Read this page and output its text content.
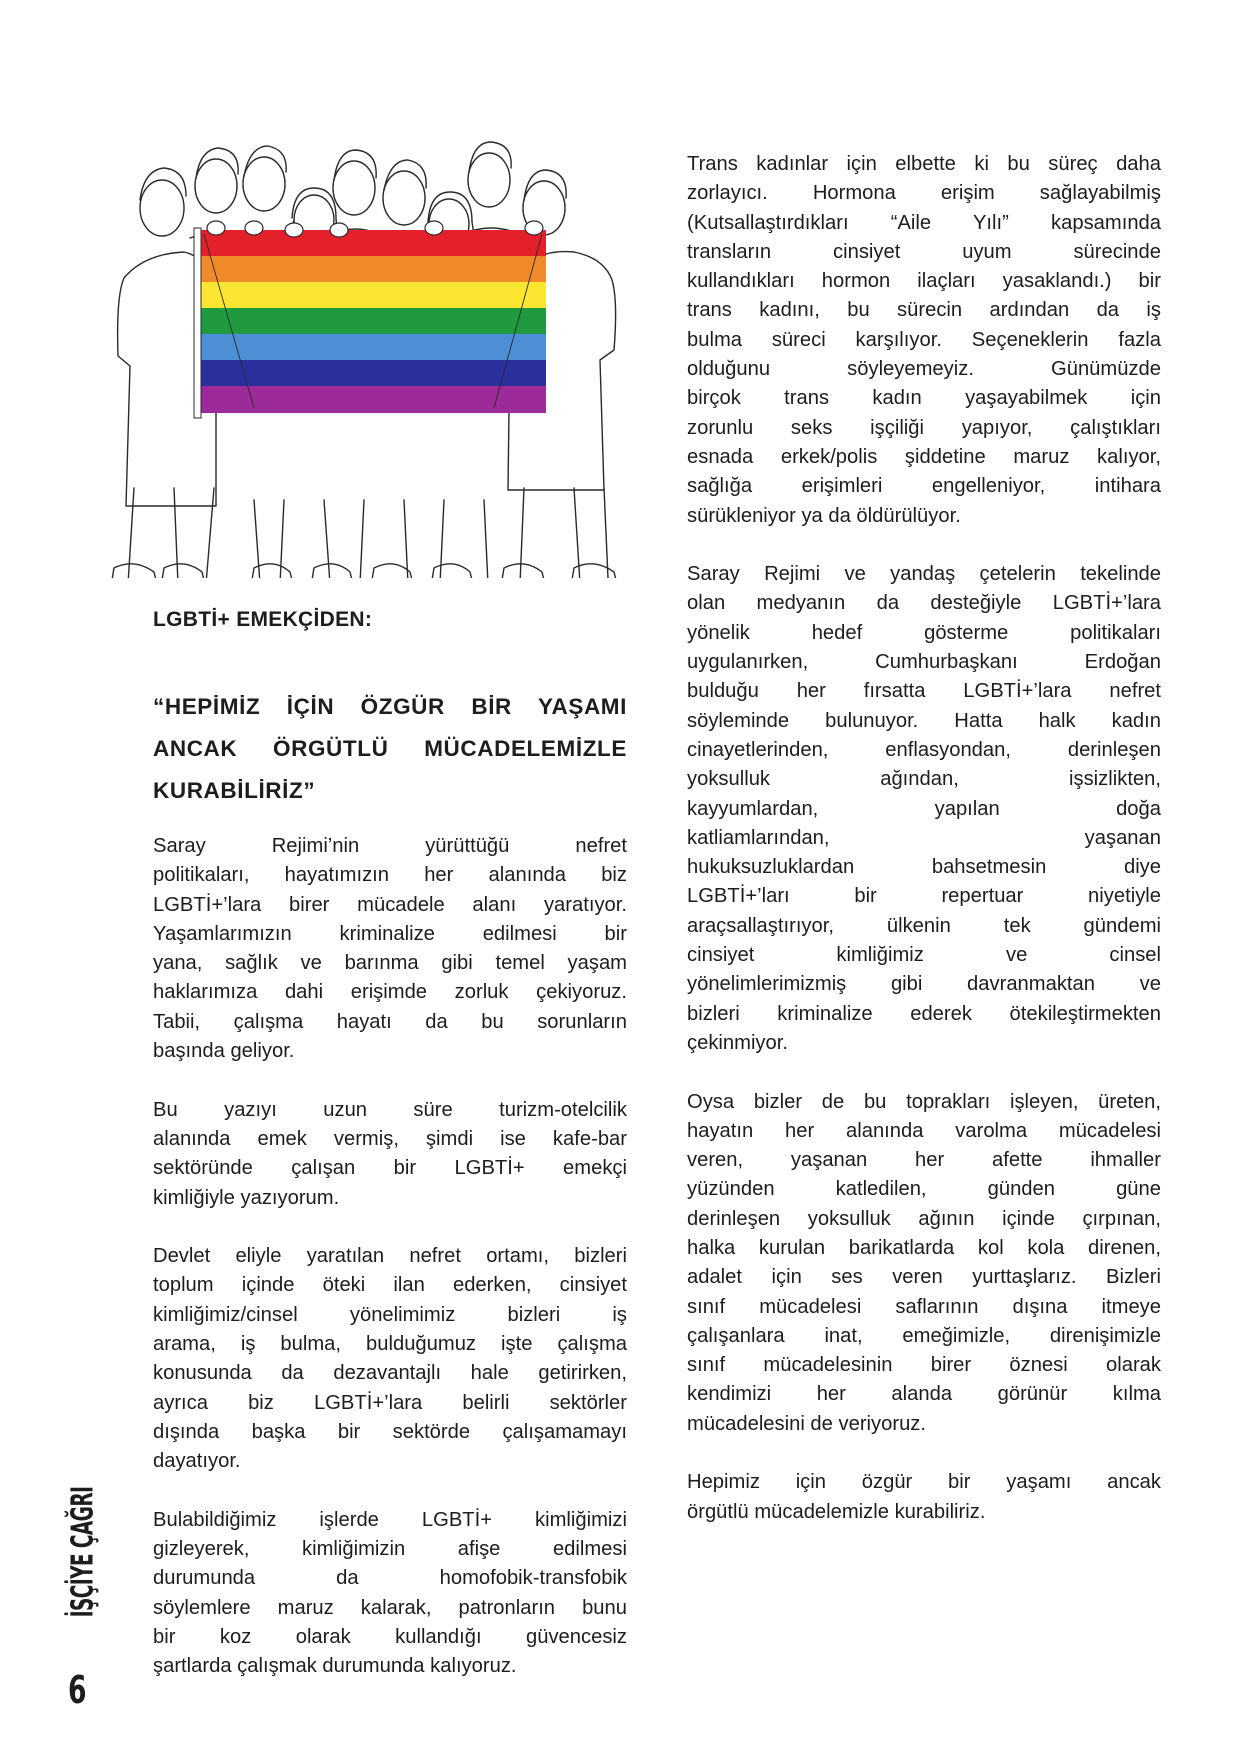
LGBTİ+ EMEKÇİDEN:
“HEPİMİZ İÇİN ÖZGÜR BİR YAŞAMI
ANCAK ÖRGÜTLÜ MÜCADELEMİZLE
KURABİLİRİZ”

Saray Rejimi’nin yürüttüğü nefret
politikaları, hayatımızın her alanında biz
LGBTİ+’lara birer mücadele alanı yaratıyor.
Yaşamlarımızın kriminalize edilmesi bir
yana, sağlık ve barınma gibi temel yaşam
haklarımıza dahi erişimde zorluk çekiyoruz.
Tabii, çalışma hayatı da bu sorunların
başında geliyor.

Bu yazıyı uzun süre turizm-otelcilik
alanında emek vermiş, şimdi ise kafe-bar
sektöründe çalışan bir LGBTİ+ emekçi
kimliğiyle yazıyorum.

Devlet eliyle yaratılan nefret ortamı, bizleri
toplum içinde öteki ilan ederken, cinsiyet
kimliğimiz/cinsel yönelimimiz bizleri iş
arama, iş bulma, bulduğumuz işte çalışma
konusunda da dezavantajlı hale getirirken,
ayrıca biz LGBTİ+’lara belirli sektörler
dışında başka bir sektörde çalışamamayı
dayatıyor.

Bulabildiğimiz işlerde LGBTİ+ kimliğimizi
gizleyerek, kimliğimizin afişe edilmesi
durumunda da homofobik-transfobik
söylemlere maruz kalarak, patronların bunu
bir koz olarak kullandığı güvencesiz
şartlarda çalışmak durumunda kalıyoruz.

Trans kadınlar için elbette ki bu süreç daha
zorlayıcı. Hormona erişim sağlayabilmiş
(Kutsallaştırdıkları “Aile Yılı” kapsamında
transların cinsiyet uyum sürecinde
kullandıkları hormon ilaçları yasaklandı.) bir
trans kadını, bu sürecin ardından da iş
bulma süreci karşılıyor. Seçeneklerin fazla
olduğunu söyleyemeyiz. Günümüzde
birçok trans kadın yaşayabilmek için
zorunlu seks işçiliği yapıyor, çalıştıkları
esnada erkek/polis şiddetine maruz kalıyor,
sağlığa erişimleri engelleniyor, intihara
sürükleniyor ya da öldürülüyor.

Saray Rejimi ve yandaş çetelerin tekelinde
olan medyanın da desteğiyle LGBTİ+’lara
yönelik hedef gösterme politikaları
uygulanırken, Cumhurbaşkanı Erdoğan
bulduğu her fırsatta LGBTİ+’lara nefret
söyleminde bulunuyor. Hatta halk kadın
cinayetlerinden, enflasyondan, derinleşen
yoksulluk ağından, işsizlikten,
kayyumlardan, yapılan doğa
katliamlarından, yaşanan
hukuksuzluklardan bahsetmesin diye
LGBTİ+’ları bir repertuar niyetiyle
araçsallaştırıyor, ülkenin tek gündemi
cinsiyet kimliğimiz ve cinsel
yönelimlerimizmiş gibi davranmaktan ve
bizleri kriminalize ederek ötekileştirmekten
çekinmiyor.

Oysa bizler de bu toprakları işleyen, üreten,
hayatın her alanında varolma mücadelesi
veren, yaşanan her afette ihmaller
yüzünden katledilen, günden güne
derinleşen yoksulluk ağının içinde çırpınan,
halka kurulan barikatlarda kol kola direnen,
adalet için ses veren yurttaşlarız. Bizleri
sınıf mücadelesi saflarının dışına itmeye
çalışanlara inat, emeğimizle, direnişimizle
sınıf mücadelesinin birer öznesi olarak
kendimizi her alanda görünür kılma
mücadelesini de veriyoruz.

Hepimiz için özgür bir yaşamı ancak
örgütlü mücadelemizle kurabiliriz.

İŞÇİYE ÇAĞRI
6
